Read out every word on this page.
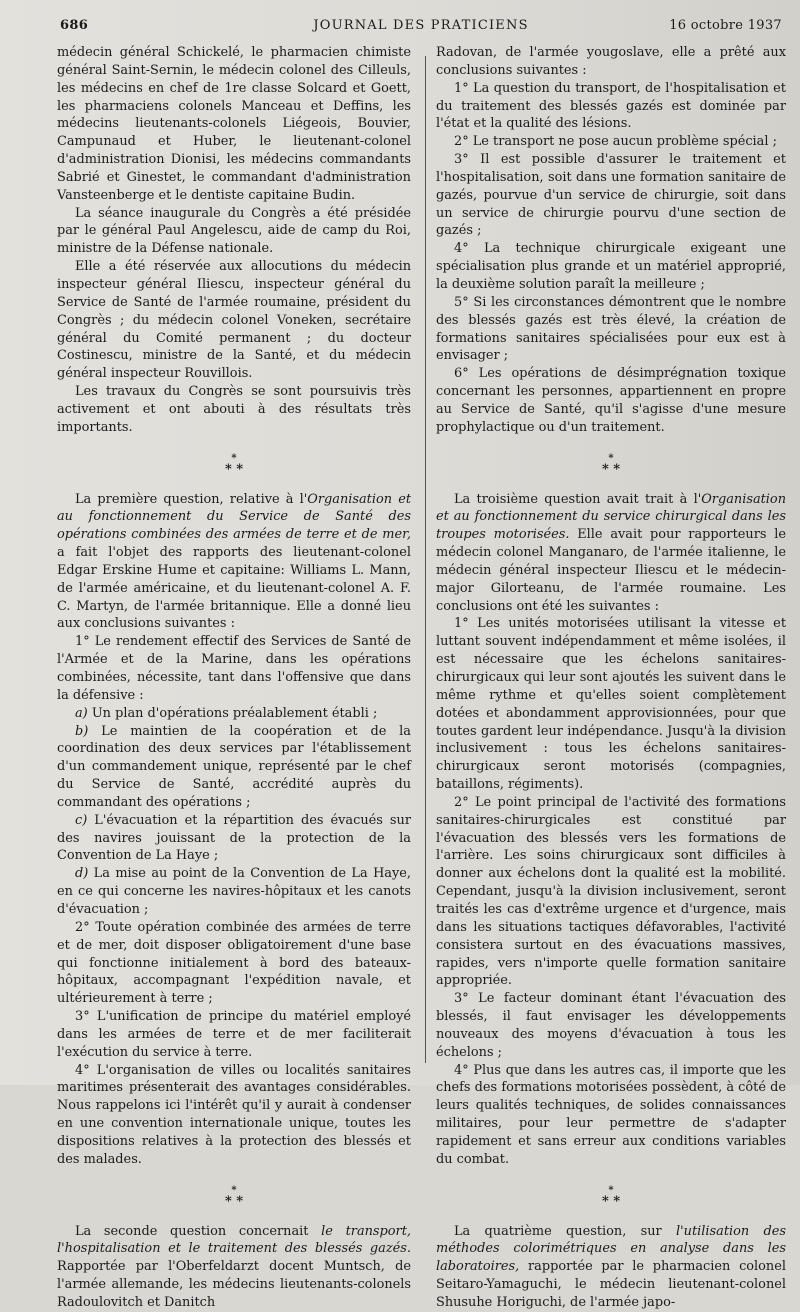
686	JOURNAL DES PRATICIENS	16 octobre 1937

médecin général Schickelé, le pharmacien chimiste général Saint-Sernin, le médecin colonel des Cilleuls, les médecins en chef de 1re classe Solcard et Goett, les pharmaciens colonels Manceau et Deffins, les médecins lieutenants-colonels Liégeois, Bouvier, Campunaud et Huber, le lieutenant-colonel d'administration Dionisi, les médecins commandants Sabrié et Ginestet, le commandant d'administration Vansteenberge et le dentiste capitaine Budin.

La séance inaugurale du Congrès a été présidée par le général Paul Angelescu, aide de camp du Roi, ministre de la Défense nationale.

Elle a été réservée aux allocutions du médecin inspecteur général Iliescu, inspecteur général du Service de Santé de l'armée roumaine, président du Congrès ; du médecin colonel Voneken, secrétaire général du Comité permanent ; du docteur Costinescu, ministre de la Santé, et du médecin général inspecteur Rouvillois.

Les travaux du Congrès se sont poursuivis très activement et ont abouti à des résultats très importants.

*
* *

La première question, relative à l'Organisation et au fonctionnement du Service de Santé des opérations combinées des armées de terre et de mer, a fait l'objet des rapports des lieutenant-colonel Edgar Erskine Hume et capitaine: Williams L. Mann, de l'armée américaine, et du lieutenant-colonel A. F. C. Martyn, de l'armée britannique. Elle a donné lieu aux conclusions suivantes :

1° Le rendement effectif des Services de Santé de l'Armée et de la Marine, dans les opérations combinées, nécessite, tant dans l'offensive que dans la défensive :

a) Un plan d'opérations préalablement établi ;

b) Le maintien de la coopération et de la coordination des deux services par l'établissement d'un commandement unique, représenté par le chef du Service de Santé, accrédité auprès du commandant des opérations ;

c) L'évacuation et la répartition des évacués sur des navires jouissant de la protection de la Convention de La Haye ;

d) La mise au point de la Convention de La Haye, en ce qui concerne les navires-hôpitaux et les canots d'évacuation ;

2° Toute opération combinée des armées de terre et de mer, doit disposer obligatoirement d'une base qui fonctionne initialement à bord des bateaux-hôpitaux, accompagnant l'expédition navale, et ultérieurement à terre ;

3° L'unification de principe du matériel employé dans les armées de terre et de mer faciliterait l'exécution du service à terre.

4° L'organisation de villes ou localités sanitaires maritimes présenterait des avantages considérables. Nous rappelons ici l'intérêt qu'il y aurait à condenser en une convention internationale unique, toutes les dispositions relatives à la protection des blessés et des malades.

*
* *

La seconde question concernait le transport, l'hospitalisation et le traitement des blessés gazés. Rapportée par l'Oberfeldarzt docent Muntsch, de l'armée allemande, les médecins lieutenants-colonels Radoulovitch et Danitch

Radovan, de l'armée yougoslave, elle a prêté aux conclusions suivantes :

1° La question du transport, de l'hospitalisation et du traitement des blessés gazés est dominée par l'état et la qualité des lésions.

2° Le transport ne pose aucun problème spécial ;

3° Il est possible d'assurer le traitement et l'hospitalisation, soit dans une formation sanitaire de gazés, pourvue d'un service de chirurgie, soit dans un service de chirurgie pourvu d'une section de gazés ;

4° La technique chirurgicale exigeant une spécialisation plus grande et un matériel approprié, la deuxième solution paraît la meilleure ;

5° Si les circonstances démontrent que le nombre des blessés gazés est très élevé, la création de formations sanitaires spécialisées pour eux est à envisager ;

6° Les opérations de désimprégnation toxique concernant les personnes, appartiennent en propre au Service de Santé, qu'il s'agisse d'une mesure prophylactique ou d'un traitement.

*
* *

La troisième question avait trait à l'Organisation et au fonctionnement du service chirurgical dans les troupes motorisées. Elle avait pour rapporteurs le médecin colonel Manganaro, de l'armée italienne, le médecin général inspecteur Iliescu et le médecin-major Gilorteanu, de l'armée roumaine. Les conclusions ont été les suivantes :

1° Les unités motorisées utilisant la vitesse et luttant souvent indépendamment et même isolées, il est nécessaire que les échelons sanitaires-chirurgicaux qui leur sont ajoutés les suivent dans le même rythme et qu'elles soient complètement dotées et abondamment approvisionnées, pour que toutes gardent leur indépendance. Jusqu'à la division inclusivement : tous les échelons sanitaires-chirurgicaux seront motorisés (compagnies, bataillons, régiments).

2° Le point principal de l'activité des formations sanitaires-chirurgicales est constitué par l'évacuation des blessés vers les formations de l'arrière. Les soins chirurgicaux sont difficiles à donner aux échelons dont la qualité est la mobilité. Cependant, jusqu'à la division inclusivement, seront traités les cas d'extrême urgence et d'urgence, mais dans les situations tactiques défavorables, l'activité consistera surtout en des évacuations massives, rapides, vers n'importe quelle formation sanitaire appropriée.

3° Le facteur dominant étant l'évacuation des blessés, il faut envisager les développements nouveaux des moyens d'évacuation à tous les échelons ;

4° Plus que dans les autres cas, il importe que les chefs des formations motorisées possèdent, à côté de leurs qualités techniques, de solides connaissances militaires, pour leur permettre de s'adapter rapidement et sans erreur aux conditions variables du combat.

*
* *

La quatrième question, sur l'utilisation des méthodes colorimétriques en analyse dans les laboratoires, rapportée par le pharmacien colonel Seitaro-Yamaguchi, le médecin lieutenant-colonel Shusuhe Horiguchi, de l'armée japo-
